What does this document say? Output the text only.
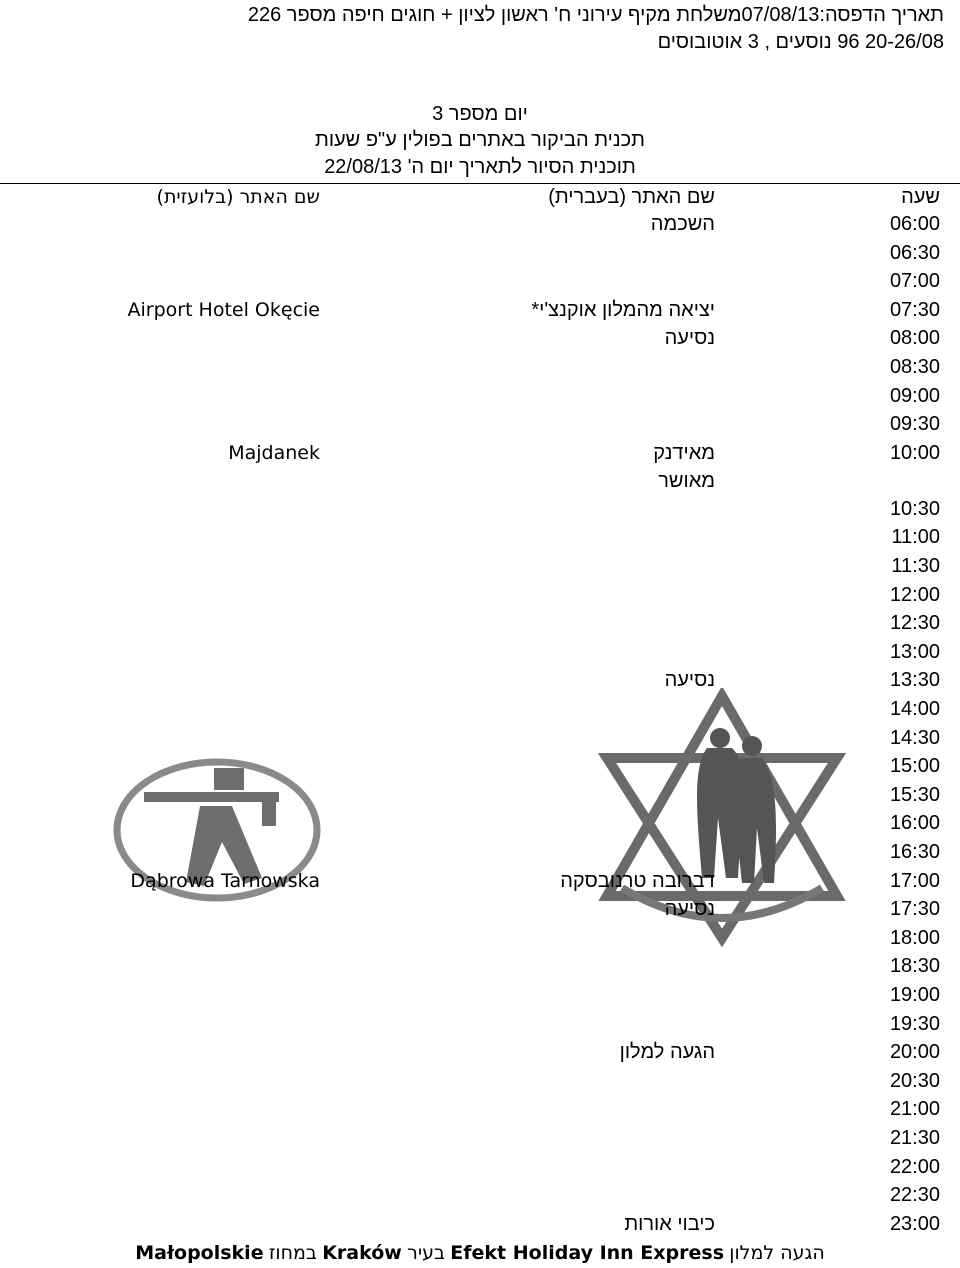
תאריך הדפסה:07/08/13משלחת מקיף עירוני ח' ראשון לציון + חוגים חיפה מספר 226
20-26/08 96 נוסעים , 3 אוטובוסים
יום מספר 3
תכנית הביקור באתרים בפולין ע"פ שעות
תוכנית הסיור לתאריך יום ה' 22/08/13
שעה
שם האתר (בעברית)
שם האתר (בלועזית)
06:00
השכמה
06:30
07:00
07:30
יציאה מהמלון אוקנצ'י*
Airport Hotel Okęcie
08:00
נסיעה
08:30
09:00
09:30
10:00
מאידנק
מאושר
Majdanek
10:30
11:00
11:30
12:00
12:30
13:00
13:30
נסיעה
14:00
14:30
15:00
15:30
16:00
16:30
17:00
דברובה טרנובסקה
Dąbrowa Tarnowska
17:30
נסיעה
18:00
18:30
19:00
19:30
20:00
הגעה למלון
20:30
21:00
21:30
22:00
22:30
23:00
כיבוי אורות
הגעה למלון Efekt Holiday Inn Express בעיר Kraków במחוז Małopolskie
